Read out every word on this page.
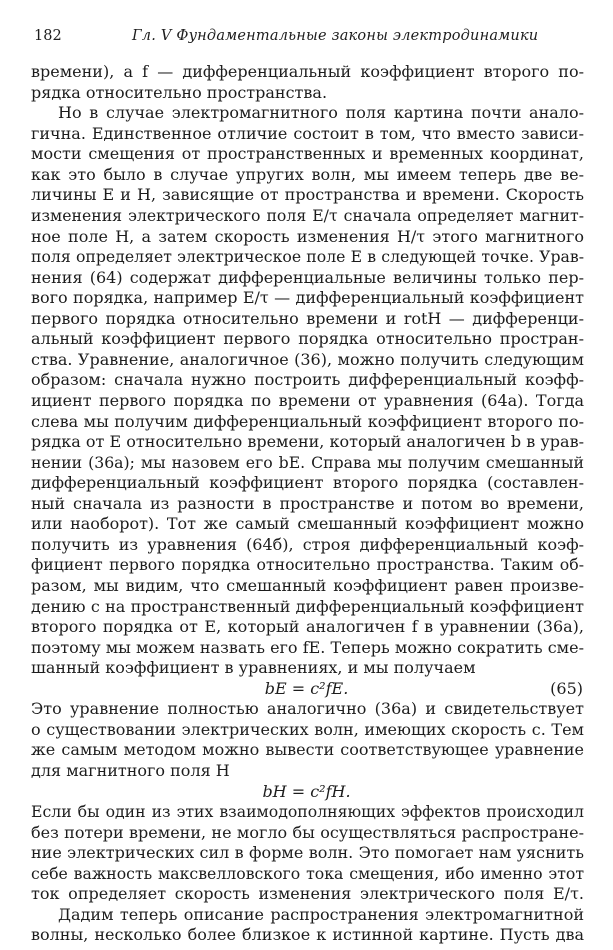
182	Гл. V Фундаментальные законы электродинамики
времени), а f — дифференциальный коэффициент второго по-
рядка относительно пространства.
Но в случае электромагнитного поля картина почти анало-
гична. Единственное отличие состоит в том, что вместо зависи-
мости смещения от пространственных и временных координат,
как это было в случае упругих волн, мы имеем теперь две ве-
личины E и H, зависящие от пространства и времени. Скорость
изменения электрического поля E/τ сначала определяет магнит-
ное поле H, а затем скорость изменения H/τ этого магнитного
поля определяет электрическое поле E в следующей точке. Урав-
нения (64) содержат дифференциальные величины только пер-
вого порядка, например E/τ — дифференциальный коэффициент
первого порядка относительно времени и rotH — дифференци-
альный коэффициент первого порядка относительно простран-
ства. Уравнение, аналогичное (36), можно получить следующим
образом: сначала нужно построить дифференциальный коэфф-
ициент первого порядка по времени от уравнения (64а). Тогда
слева мы получим дифференциальный коэффициент второго по-
рядка от E относительно времени, который аналогичен b в урав-
нении (36а); мы назовем его bE. Справа мы получим смешанный
дифференциальный коэффициент второго порядка (составлен-
ный сначала из разности в пространстве и потом во времени,
или наоборот). Тот же самый смешанный коэффициент можно
получить из уравнения (64б), строя дифференциальный коэф-
фициент первого порядка относительно пространства. Таким об-
разом, мы видим, что смешанный коэффициент равен произве-
дению c на пространственный дифференциальный коэффициент
второго порядка от E, который аналогичен f в уравнении (36а),
поэтому мы можем назвать его fE. Теперь можно сократить сме-
шанный коэффициент в уравнениях, и мы получаем
bE = c²fE.	(65)
Это уравнение полностью аналогично (36а) и свидетельствует
о существовании электрических волн, имеющих скорость c. Тем
же самым методом можно вывести соответствующее уравнение
для магнитного поля H
bH = c²fH.
Если бы один из этих взаимодополняющих эффектов происходил
без потери времени, не могло бы осуществляться распростране-
ние электрических сил в форме волн. Это помогает нам уяснить
себе важность максвелловского тока смещения, ибо именно этот
ток определяет скорость изменения электрического поля E/τ.
Дадим теперь описание распространения электромагнитной
волны, несколько более близкое к истинной картине. Пусть два
